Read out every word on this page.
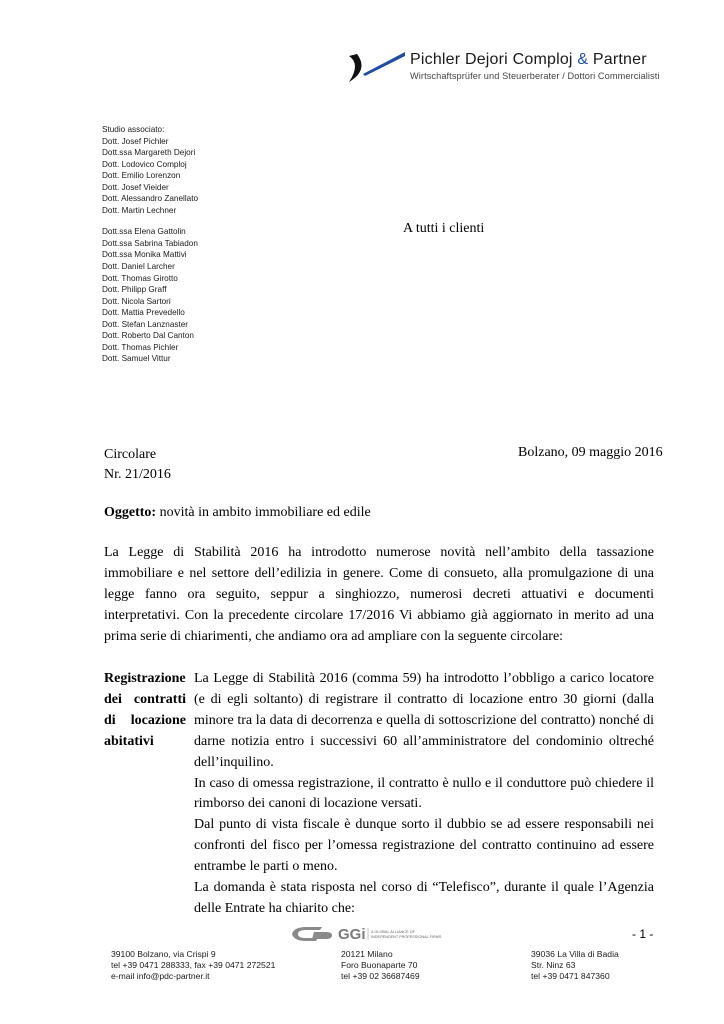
Pichler Dejori Comploj & Partner
Wirtschaftsprüfer und Steuerberater / Dottori Commercialisti
Studio associato:
Dott. Josef Pichler
Dott.ssa Margareth Dejori
Dott. Lodovico Comploj
Dott. Emilio Lorenzon
Dott. Josef Vieider
Dott. Alessandro Zanellato
Dott. Martin Lechner
Dott.ssa Elena Gattolin
Dott.ssa Sabrina Tabiadon
Dott.ssa Monika Mattivi
Dott. Daniel Larcher
Dott. Thomas Girotto
Dott. Philipp Graff
Dott. Nicola Sartori
Dott. Mattia Prevedello
Dott. Stefan Lanznaster
Dott. Roberto Dal Canton
Dott. Thomas Pichler
Dott. Samuel Vittur
A tutti i clienti
Circolare
Nr. 21/2016
Bolzano, 09 maggio 2016
Oggetto: novità in ambito immobiliare ed edile
La Legge di Stabilità 2016 ha introdotto numerose novità nell’ambito della tassazione immobiliare e nel settore dell’edilizia in genere. Come di consueto, alla promulgazione di una legge fanno ora seguito, seppur a singhiozzo, numerosi decreti attuativi e documenti interpretativi. Con la precedente circolare 17/2016 Vi abbiamo già aggiornato in merito ad una prima serie di chiarimenti, che andiamo ora ad ampliare con la seguente circolare:
Registrazione
dei contratti
di locazione
abitativi

La Legge di Stabilità 2016 (comma 59) ha introdotto l’obbligo a carico locatore (e di egli soltanto) di registrare il contratto di locazione entro 30 giorni (dalla minore tra la data di decorrenza e quella di sottoscrizione del contratto) nonché di darne notizia entro i successivi 60 all’amministratore del condominio oltreché dell’inquilino.

In caso di omessa registrazione, il contratto è nullo e il conduttore può chiedere il rimborso dei canoni di locazione versati.

Dal punto di vista fiscale è dunque sorto il dubbio se ad essere responsabili nei confronti del fisco per l’omessa registrazione del contratto continuino ad essere entrambe le parti o meno.

La domanda è stata risposta nel corso di “Telefisco”, durante il quale l’Agenzia delle Entrate ha chiarito che:

GGi A GLOBAL ALLIANCE OF
INDEPENDENT PROFESSIONAL FIRMS	- 1 -
39100 Bolzano, via Crispi 9
tel +39 0471 288333, fax +39 0471 272521
e-mail info@pdc-partner.it
20121 Milano
Foro Buonaparte 70
tel +39 02 36687469
39036 La Villa di Badia
Str. Ninz 63
tel +39 0471 847360
